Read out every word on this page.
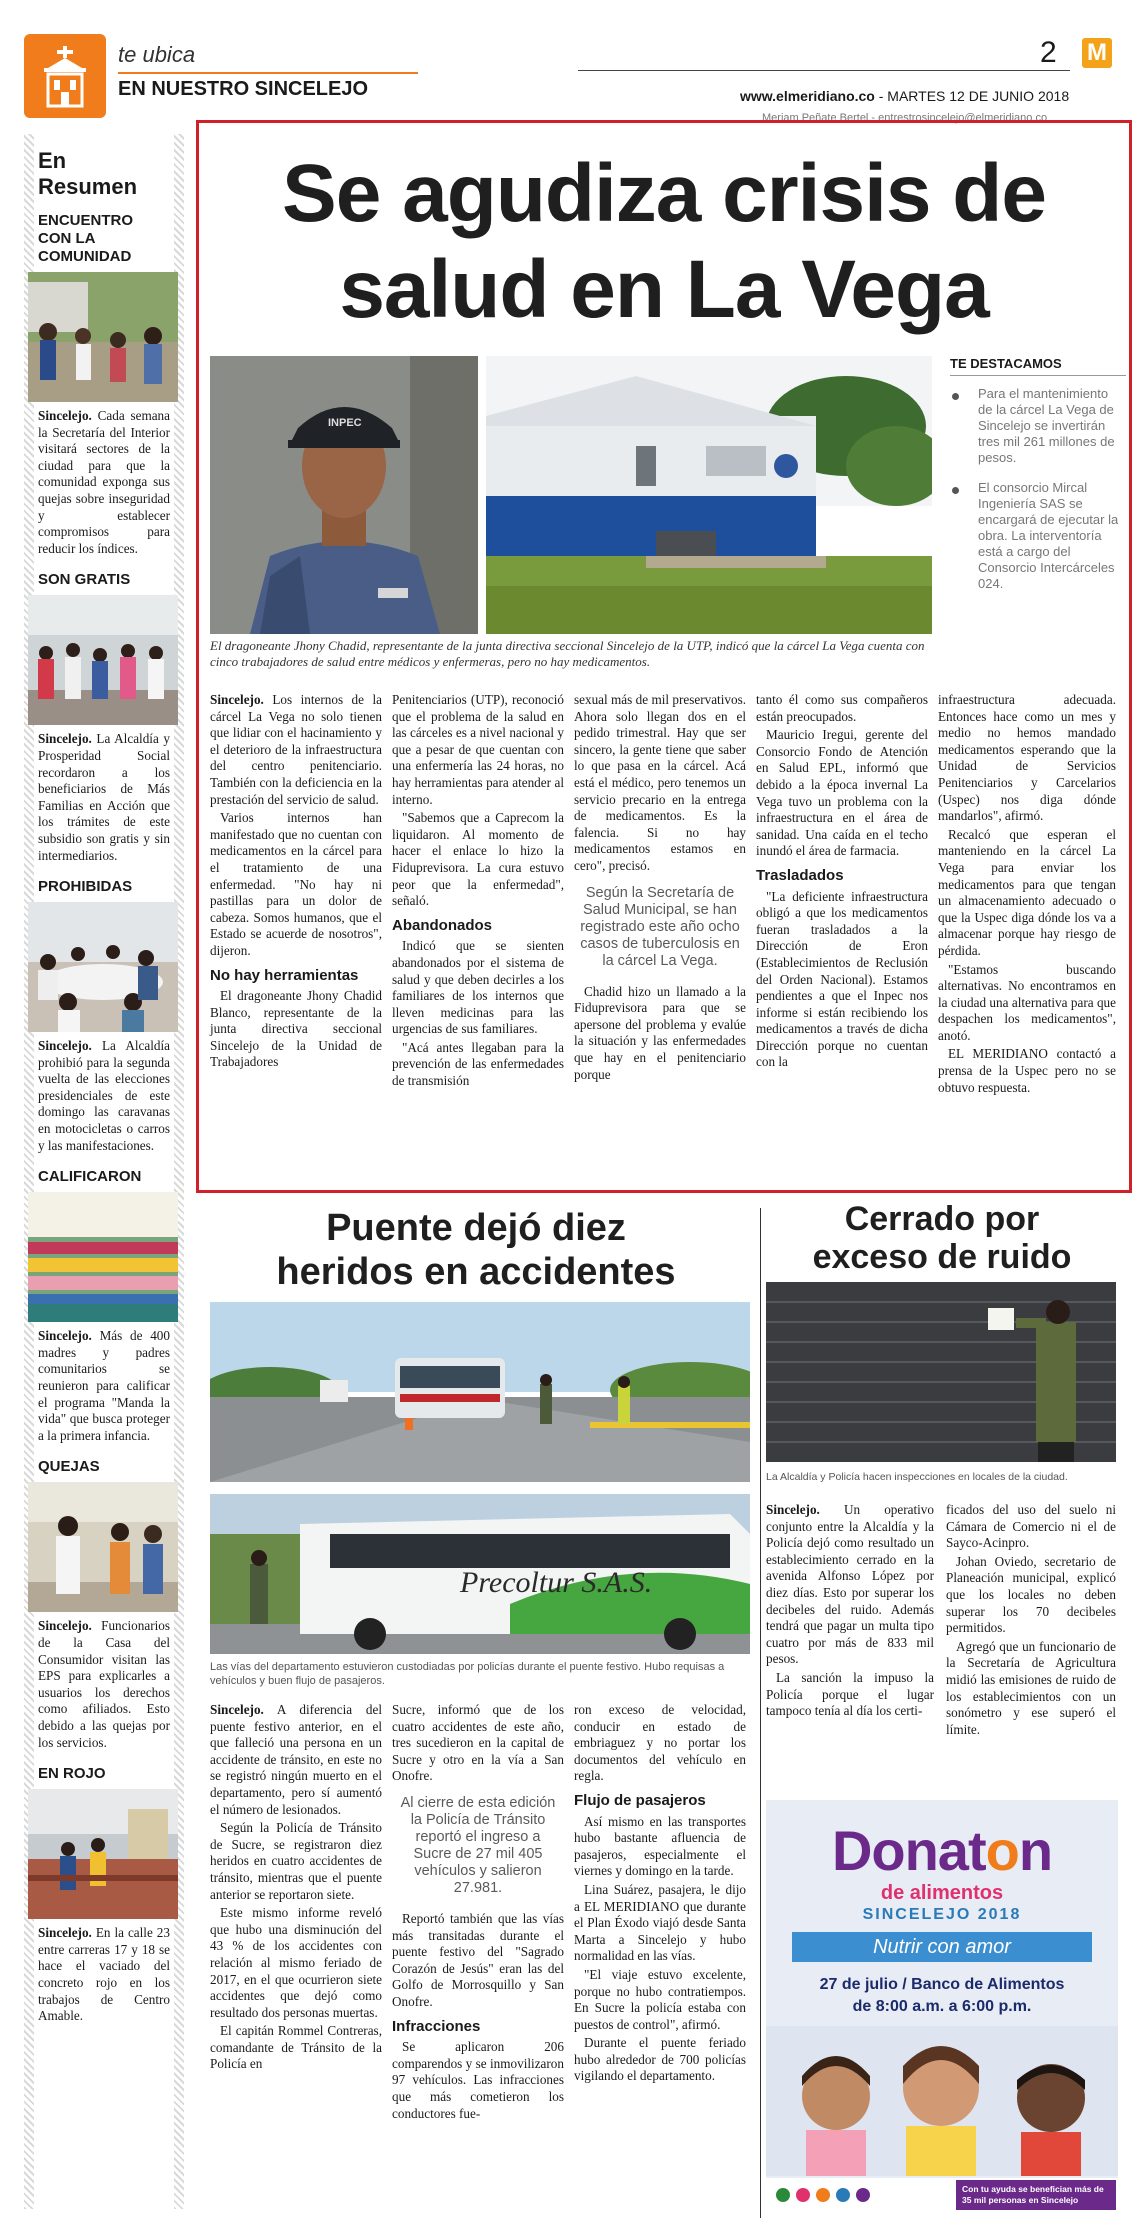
te ubica
EN NUESTRO SINCELEJO
2 M
www.elmeridiano.co - MARTES 12 DE JUNIO 2018
Meriam Peñate Bertel - entrestrosincelejo@elmeridiano.co
En Resumen
ENCUENTRO CON LA COMUNIDAD
Sincelejo. Cada semana la Secretaría del Interior visitará sectores de la ciudad para que la comunidad exponga sus quejas sobre inseguridad y establecer compromisos para reducir los índices.
SON GRATIS
Sincelejo. La Alcaldía y Prosperidad Social recordaron a los beneficiarios de Más Familias en Acción que los trámites de este subsidio son gratis y sin intermediarios.
PROHIBIDAS
Sincelejo. La Alcaldía prohibió para la segunda vuelta de las elecciones presidenciales de este domingo las caravanas en motocicletas o carros y las manifestaciones.
CALIFICARON
Sincelejo. Más de 400 madres y padres comunitarios se reunieron para calificar el programa "Manda la vida" que busca proteger a la primera infancia.
QUEJAS
Sincelejo. Funcionarios de la Casa del Consumidor visitan las EPS para explicarles a usuarios los derechos como afiliados. Esto debido a las quejas por los servicios.
EN ROJO
Sincelejo. En la calle 23 entre carreras 17 y 18 se hace el vaciado del concreto rojo en los trabajos de Centro Amable.
Se agudiza crisis de
salud en La Vega
INPEC
El dragoneante Jhony Chadid, representante de la junta directiva seccional Sincelejo de la UTP, indicó que la cárcel La Vega cuenta con cinco trabajadores de salud entre médicos y enfermeras, pero no hay medicamentos.
TE DESTACAMOS
Para el mantenimiento de la cárcel La Vega de Sincelejo se invertirán tres mil 261 millones de pesos.
El consorcio Mircal Ingeniería SAS se encargará de ejecutar la obra. La interventoría está a cargo del Consorcio Intercárceles 024.

Sincelejo. Los internos de la cárcel La Vega no solo tienen que lidiar con el hacinamiento y el deterioro de la infraestructura del centro penitenciario. También con la deficiencia en la prestación del servicio de salud.

Varios internos han manifestado que no cuentan con medicamentos en la cárcel para el tratamiento de una enfermedad. "No hay ni pastillas para un dolor de cabeza. Somos humanos, que el Estado se acuerde de nosotros", dijeron.

No hay herramientas

El dragoneante Jhony Chadid Blanco, representante de la junta directiva seccional Sincelejo de la Unidad de Trabajadores

Penitenciarios (UTP), reconoció que el problema de la salud en las cárceles es a nivel nacional y que a pesar de que cuentan con una enfermería las 24 horas, no hay herramientas para atender al interno.

"Sabemos que a Caprecom la liquidaron. Al momento de hacer el enlace lo hizo la Fiduprevisora. La cura estuvo peor que la enfermedad", señaló.

Abandonados

Indicó que se sienten abandonados por el sistema de salud y que deben decirles a los familiares de los internos que lleven medicinas para las urgencias de sus familiares.

"Acá antes llegaban para la prevención de las enfermedades de transmisión

sexual más de mil preservativos. Ahora solo llegan dos en el pedido trimestral. Hay que ser sincero, la gente tiene que saber lo que pasa en la cárcel. Acá está el médico, pero tenemos un servicio precario en la entrega de medicamentos. Es la falencia. Si no hay medicamentos estamos en cero", precisó.

Según la Secretaría de Salud Municipal, se han registrado este año ocho casos de tuberculosis en la cárcel La Vega.

Chadid hizo un llamado a la Fiduprevisora para que se apersone del problema y evalúe la situación y las enfermedades que hay en el penitenciario porque

tanto él como sus compañeros están preocupados.

Mauricio Iregui, gerente del Consorcio Fondo de Atención en Salud EPL, informó que debido a la época invernal La Vega tuvo un problema con la infraestructura en el área de sanidad. Una caída en el techo inundó el área de farmacia.

Trasladados

"La deficiente infraestructura obligó a que los medicamentos fueran trasladados a la Dirección de Eron (Establecimientos de Reclusión del Orden Nacional). Estamos pendientes a que el Inpec nos informe si están recibiendo los medicamentos a través de dicha Dirección porque no cuentan con la

infraestructura adecuada. Entonces hace como un mes y medio no hemos mandado medicamentos esperando que la Unidad de Servicios Penitenciarios y Carcelarios (Uspec) nos diga dónde mandarlos", afirmó.

Recalcó que esperan el manteniendo en la cárcel La Vega para enviar los medicamentos para que tengan un almacenamiento adecuado o que la Uspec diga dónde los va a almacenar porque hay riesgo de pérdida.

"Estamos buscando alternativas. No encontramos en la ciudad una alternativa para que despachen los medicamentos", anotó.

EL MERIDIANO contactó a prensa de la Uspec pero no se obtuvo respuesta.

Puente dejó diez
heridos en accidentes
Precoltur S.A.S.
Las vías del departamento estuvieron custodiadas por policías durante el puente festivo. Hubo requisas a vehículos y buen flujo de pasajeros.

Sincelejo. A diferencia del puente festivo anterior, en el que falleció una persona en un accidente de tránsito, en este no se registró ningún muerto en el departamento, pero sí aumentó el número de lesionados.

Según la Policía de Tránsito de Sucre, se registraron diez heridos en cuatro accidentes de tránsito, mientras que el puente anterior se reportaron siete.

Este mismo informe reveló que hubo una disminución del 43 % de los accidentes con relación al mismo feriado de 2017, en el que ocurrieron siete accidentes que dejó como resultado dos personas muertas.

El capitán Rommel Contreras, comandante de Tránsito de la Policía en

Sucre, informó que de los cuatro accidentes de este año, tres sucedieron en la capital de Sucre y otro en la vía a San Onofre.

Al cierre de esta edición la Policía de Tránsito reportó el ingreso a Sucre de 27 mil 405 vehículos y salieron 27.981.

Reportó también que las vías más transitadas durante el puente festivo del "Sagrado Corazón de Jesús" eran las del Golfo de Morrosquillo y San Onofre.

Infracciones

Se aplicaron 206 comparendos y se inmovilizaron 97 vehículos. Las infracciones que más cometieron los conductores fue-

ron exceso de velocidad, conducir en estado de embriaguez y no portar los documentos del vehículo en regla.

Flujo de pasajeros

Así mismo en las transportes hubo bastante afluencia de pasajeros, especialmente el viernes y domingo en la tarde.

Lina Suárez, pasajera, le dijo a EL MERIDIANO que durante el Plan Éxodo viajó desde Santa Marta a Sincelejo y hubo normalidad en las vías.

"El viaje estuvo excelente, porque no hubo contratiempos. En Sucre la policía estaba con puestos de control", afirmó.

Durante el puente feriado hubo alrededor de 700 policías vigilando el departamento.

Cerrado por
exceso de ruido
La Alcaldía y Policía hacen inspecciones en locales de la ciudad.

Sincelejo. Un operativo conjunto entre la Alcaldía y la Policía dejó como resultado un establecimiento cerrado en la avenida Alfonso López por diez días. Esto por superar los decibeles del ruido. Además tendrá que pagar un multa tipo cuatro por más de 833 mil pesos.

La sanción la impuso la Policía porque el lugar tampoco tenía al día los certi-

ficados del uso del suelo ni Cámara de Comercio ni el de Sayco-Acinpro.

Johan Oviedo, secretario de Planeación municipal, explicó que los locales no deben superar los 70 decibeles permitidos.

Agregó que un funcionario de la Secretaría de Agricultura midió las emisiones de ruido de los establecimientos con un sonómetro y ese superó el límite.

Donaton
de alimentos
SINCELEJO 2018
Nutrir con amor
27 de julio / Banco de Alimentos
de 8:00 a.m. a 6:00 p.m.
Con tu ayuda se benefician más de 35 mil personas en Sincelejo
